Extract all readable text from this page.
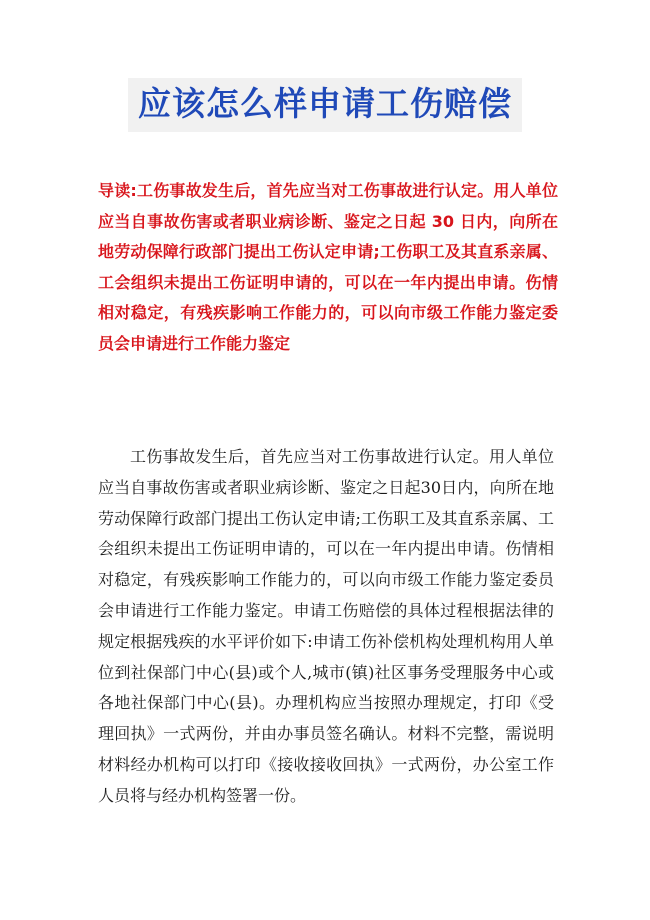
应该怎么样申请工伤赔偿
导读:工伤事故发生后，首先应当对工伤事故进行认定。用人单位应当自事故伤害或者职业病诊断、鉴定之日起 30 日内，向所在地劳动保障行政部门提出工伤认定申请;工伤职工及其直系亲属、工会组织未提出工伤证明申请的，可以在一年内提出申请。伤情相对稳定，有残疾影响工作能力的，可以向市级工作能力鉴定委员会申请进行工作能力鉴定

工伤事故发生后，首先应当对工伤事故进行认定。用人单位应当自事故伤害或者职业病诊断、鉴定之日起30日内，向所在地劳动保障行政部门提出工伤认定申请;工伤职工及其直系亲属、工会组织未提出工伤证明申请的，可以在一年内提出申请。伤情相对稳定，有残疾影响工作能力的，可以向市级工作能力鉴定委员会申请进行工作能力鉴定。申请工伤赔偿的具体过程根据法律的规定根据残疾的水平评价如下:申请工伤补偿机构处理机构用人单位到社保部门中心(县)或个人,城市(镇)社区事务受理服务中心或各地社保部门中心(县)。办理机构应当按照办理规定，打印《受理回执》一式两份，并由办事员签名确认。材料不完整，需说明材料经办机构可以打印《接收接收回执》一式两份，办公室工作人员将与经办机构签署一份。
